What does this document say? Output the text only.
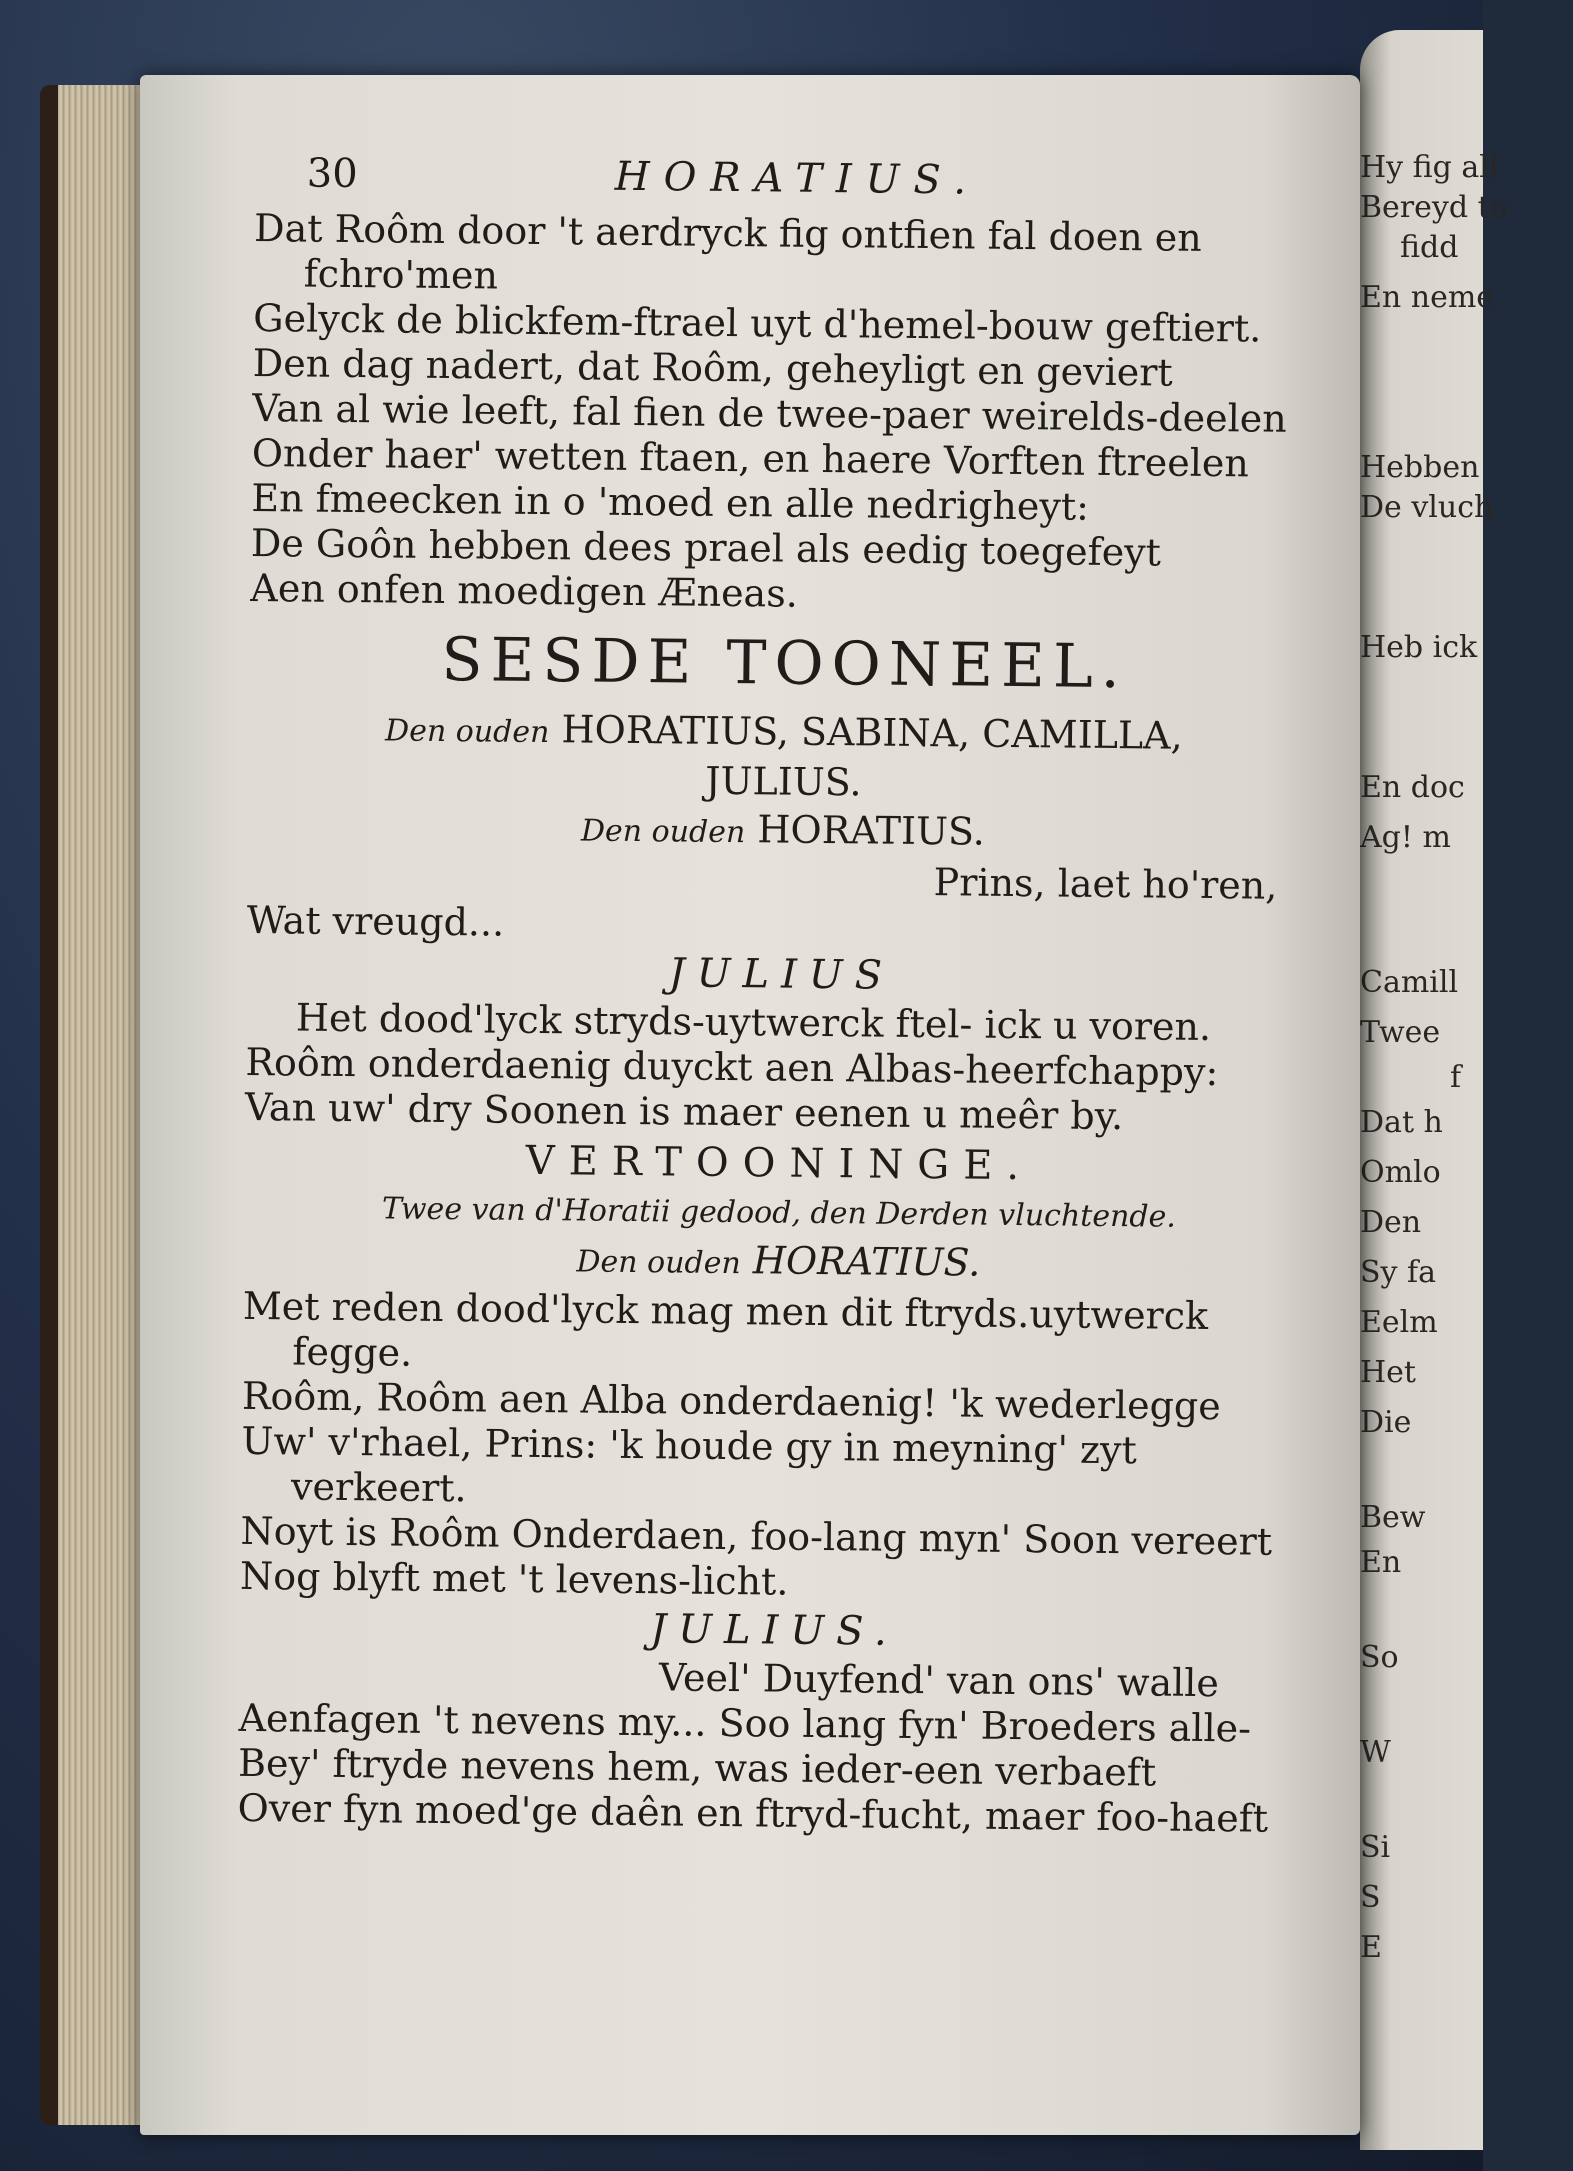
Hy fig all
Bereyd to
fidd
En neme
Hebben
De vluch
Heb ick
En doc
Ag! m
Camill
Twee
f
Dat h
Omlo
Den
Sy fa
Eelm
Het
Die
Bew
En
So
W
Si
S
E
30	HORATIUS.
Dat Roôm door 't aerdryck fig ontfien fal doen en
fchro'men
Gelyck de blickfem-ftrael uyt d'hemel-bouw geftiert.
Den dag nadert, dat Roôm, geheyligt en geviert
Van al wie leeft, fal fien de twee-paer weirelds-deelen
Onder haer' wetten ftaen, en haere Vorften ftreelen
En fmeecken in o 'moed en alle nedrigheyt:
De Goôn hebben dees prael als eedig toegefeyt
Aen onfen moedigen Æneas.
SESDE TOONEEL.
Den ouden HORATIUS, SABINA, CAMILLA,
JULIUS.
Den ouden HORATIUS.
Prins, laet ho'ren,
Wat vreugd...
JULIUS
Het dood'lyck stryds-uytwerck ftel- ick u voren.
Roôm onderdaenig duyckt aen Albas-heerfchappy:
Van uw' dry Soonen is maer eenen u meêr by.
VERTOONINGE.
Twee van d'Horatii gedood, den Derden vluchtende.
Den ouden HORATIUS.
Met reden dood'lyck mag men dit ftryds.uytwerck
fegge.
Roôm, Roôm aen Alba onderdaenig! 'k wederlegge
Uw' v'rhael, Prins: 'k houde gy in meyning' zyt
verkeert.
Noyt is Roôm Onderdaen, foo-lang myn' Soon vereert
Nog blyft met 't levens-licht.
JULIUS.
Veel' Duyfend' van ons' walle
Aenfagen 't nevens my... Soo lang fyn' Broeders alle-
Bey' ftryde nevens hem, was ieder-een verbaeft
Over fyn moed'ge daên en ftryd-fucht, maer foo-haeft
